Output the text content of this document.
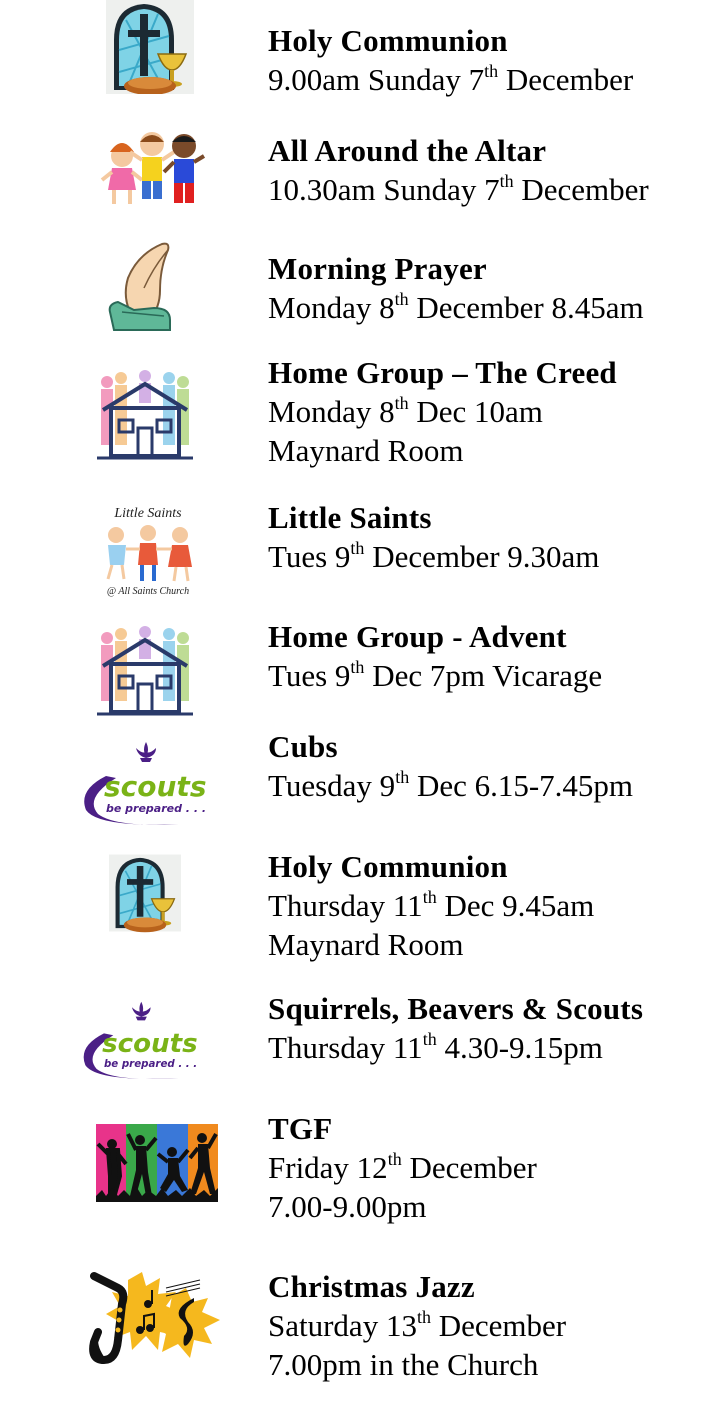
Holy Communion
9.00am Sunday 7th December
All Around the Altar
10.30am Sunday 7th December
Morning Prayer
Monday 8th December 8.45am
Home Group – The Creed
Monday 8th Dec 10am
Maynard Room
Little Saints
@ All Saints Church
Little Saints
Tues 9th December 9.30am
Home Group - Advent
Tues 9th Dec 7pm Vicarage
scouts
be prepared . . .
Cubs
Tuesday 9th Dec 6.15-7.45pm
Holy Communion
Thursday 11th Dec 9.45am
Maynard Room
scouts
be prepared . . .
Squirrels, Beavers & Scouts
Thursday 11th 4.30-9.15pm
TGF
Friday 12th December
7.00-9.00pm
Christmas Jazz
Saturday 13th December
7.00pm in the Church
